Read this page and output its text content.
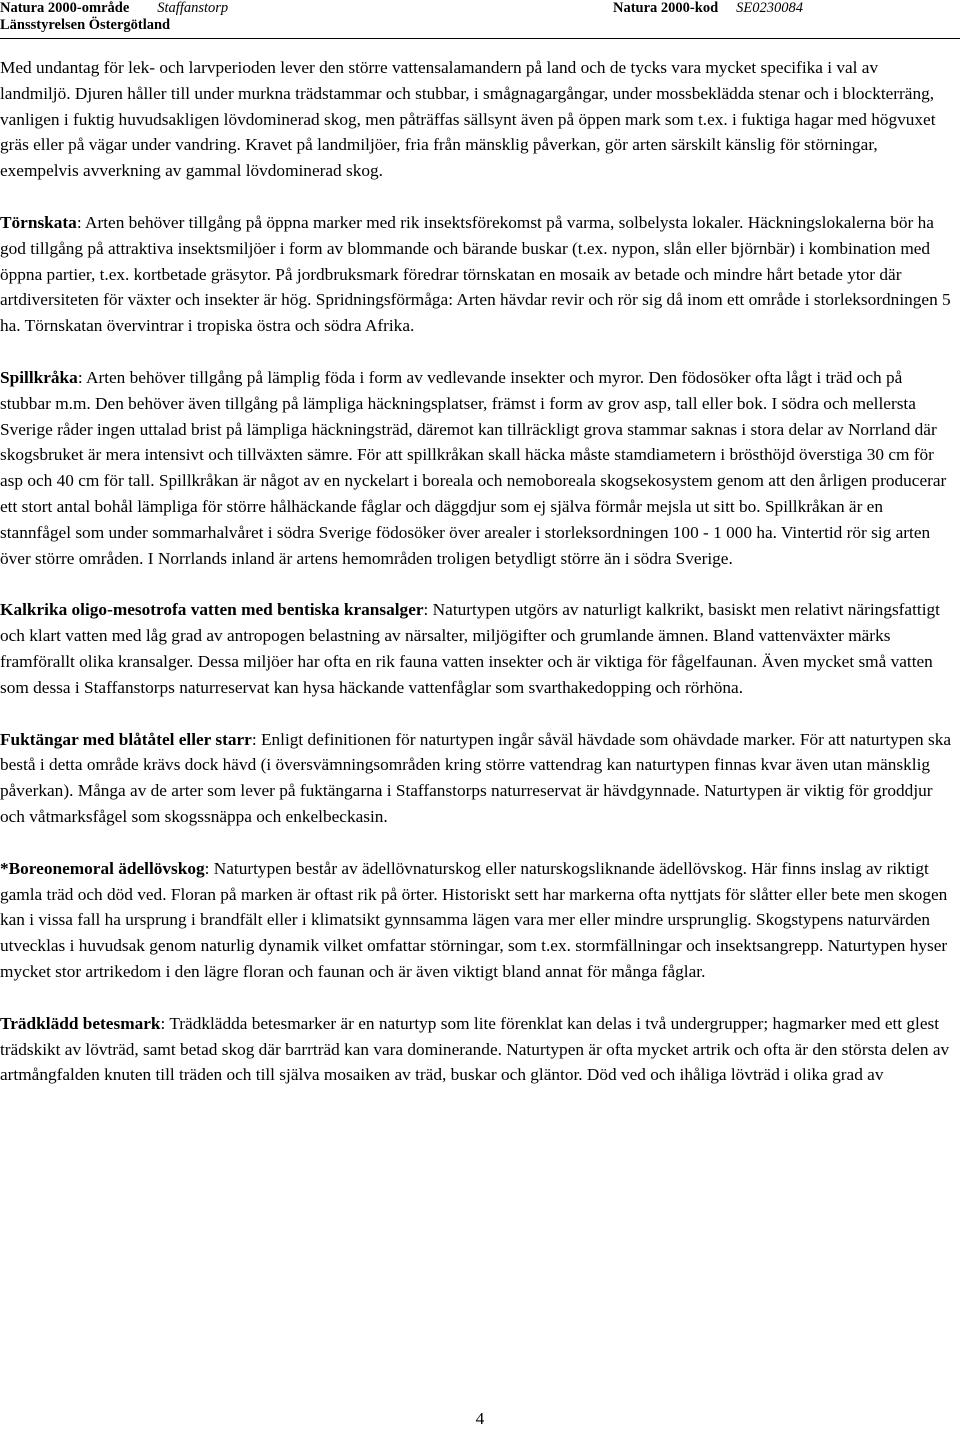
Natura 2000-område Staffanstorp
Länsstyrelsen Östergötland
Natura 2000-kod SE0230084

Med undantag för lek- och larvperioden lever den större vattensalamandern på land och de tycks vara mycket specifika i val av landmiljö. Djuren håller till under murkna trädstammar och stubbar, i smågnagargångar, under mossbeklädda stenar och i blockterräng, vanligen i fuktig huvudsakligen lövdominerad skog, men påträffas sällsynt även på öppen mark som t.ex. i fuktiga hagar med högvuxet gräs eller på vägar under vandring. Kravet på landmiljöer, fria från mänsklig påverkan, gör arten särskilt känslig för störningar, exempelvis avverkning av gammal lövdominerad skog.

Törnskata: Arten behöver tillgång på öppna marker med rik insektsförekomst på varma, solbelysta lokaler. Häckningslokalerna bör ha god tillgång på attraktiva insektsmiljöer i form av blommande och bärande buskar (t.ex. nypon, slån eller björnbär) i kombination med öppna partier, t.ex. kortbetade gräsytor. På jordbruksmark föredrar törnskatan en mosaik av betade och mindre hårt betade ytor där artdiversiteten för växter och insekter är hög. Spridningsförmåga: Arten hävdar revir och rör sig då inom ett område i storleksordningen 5 ha. Törnskatan övervintrar i tropiska östra och södra Afrika.

Spillkråka: Arten behöver tillgång på lämplig föda i form av vedlevande insekter och myror. Den födosöker ofta lågt i träd och på stubbar m.m. Den behöver även tillgång på lämpliga häckningsplatser, främst i form av grov asp, tall eller bok. I södra och mellersta Sverige råder ingen uttalad brist på lämpliga häckningsträd, däremot kan tillräckligt grova stammar saknas i stora delar av Norrland där skogsbruket är mera intensivt och tillväxten sämre. För att spillkråkan skall häcka måste stamdiametern i brösthöjd överstiga 30 cm för asp och 40 cm för tall. Spillkråkan är något av en nyckelart i boreala och nemoboreala skogsekosystem genom att den årligen producerar ett stort antal bohål lämpliga för större hålhäckande fåglar och däggdjur som ej själva förmår mejsla ut sitt bo. Spillkråkan är en stannfågel som under sommarhalvåret i södra Sverige födosöker över arealer i storleksordningen 100 - 1 000 ha. Vintertid rör sig arten över större områden. I Norrlands inland är artens hemområden troligen betydligt större än i södra Sverige.

Kalkrika oligo-mesotrofa vatten med bentiska kransalger: Naturtypen utgörs av naturligt kalkrikt, basiskt men relativt näringsfattigt och klart vatten med låg grad av antropogen belastning av närsalter, miljögifter och grumlande ämnen. Bland vattenväxter märks framförallt olika kransalger. Dessa miljöer har ofta en rik fauna vatten insekter och är viktiga för fågelfaunan. Även mycket små vatten som dessa i Staffanstorps naturreservat kan hysa häckande vattenfåglar som svarthakedopping och rörhöna.

Fuktängar med blåtåtel eller starr: Enligt definitionen för naturtypen ingår såväl hävdade som ohävdade marker. För att naturtypen ska bestå i detta område krävs dock hävd (i översvämningsområden kring större vattendrag kan naturtypen finnas kvar även utan mänsklig påverkan). Många av de arter som lever på fuktängarna i Staffanstorps naturreservat är hävdgynnade. Naturtypen är viktig för groddjur och våtmarksfågel som skogssnäppa och enkelbeckasin.

*Boreonemoral ädellövskog: Naturtypen består av ädellövnaturskog eller naturskogsliknande ädellövskog. Här finns inslag av riktigt gamla träd och död ved. Floran på marken är oftast rik på örter. Historiskt sett har markerna ofta nyttjats för slåtter eller bete men skogen kan i vissa fall ha ursprung i brandfält eller i klimatsikt gynnsamma lägen vara mer eller mindre ursprunglig. Skogstypens naturvärden utvecklas i huvudsak genom naturlig dynamik vilket omfattar störningar, som t.ex. stormfällningar och insektsangrepp. Naturtypen hyser mycket stor artrikedom i den lägre floran och faunan och är även viktigt bland annat för många fåglar.

Trädklädd betesmark: Trädklädda betesmarker är en naturtyp som lite förenklat kan delas i två undergrupper; hagmarker med ett glest trädskikt av lövträd, samt betad skog där barrträd kan vara dominerande. Naturtypen är ofta mycket artrik och ofta är den största delen av artmångfalden knuten till träden och till själva mosaiken av träd, buskar och gläntor. Död ved och ihåliga lövträd i olika grad av

4
